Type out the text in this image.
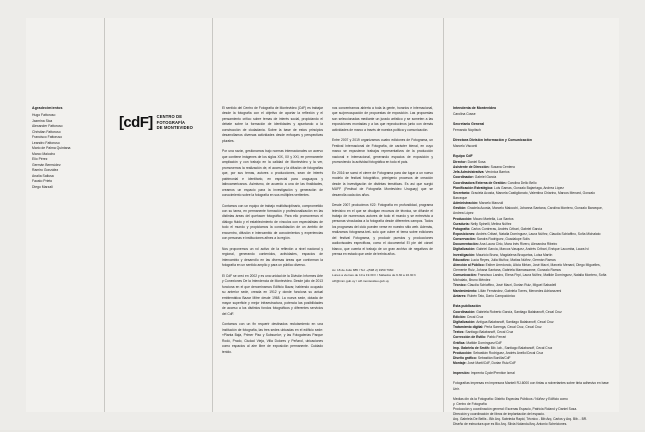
Agradecimientos
Hugo Fattoruso
Jazmina Sica
Alexander Fattoruso
Christian Fattoruso
Francisco Fattoruso
Leandro Fattoruso
Mario de Palma Quintana
Marco Maiocho
Elio Pérez
Germán Bermúdez
Ramiro González
Analía Sallusa
Fausto Prieto
Diego Marzali
[cdF] CENTRO DE
FOTOGRAFÍA
DE MONTEVIDEO

El sentido del Centro de Fotografía de Montevideo (CdF) es trabajar desde la fotografía con el objetivo de aportar la reflexión y el pensamiento crítico sobre temas de interés social, propiciando el debate sobre la formación de identidades y apuntando a la construcción de ciudadanía. Sobre la base de estos principios desarrollamos diversas actividades desde enfoques y perspectivas plurales.

Por una razón, gestionamos bajo normas internacionales un acervo que contiene imágenes de los siglos XIX, XX y XXI, en permanente ampliación y con trabajo en la calidad de Montevideo y la ver, promovemos la realización de, el acceso y la difusión de fotografías que, por sus temas, autores o producciones, sean de interés patrimonial e identitario, en especial para uruguayos y latinoamericanos. Asimismo, de acuerdo a una de las finalidades, creamos un espacio para la investigación y generación de conocimiento sobre la fotografía en sus múltiples vertientes.

Contamos con un equipo de trabajo multidisciplinario, comprometido con su tarea, en permanente formación y profesionalización en las distintas áreas del quehacer fotográfico. Para ello promovemos el diálogo fluido y el establecimiento de vínculos con especialistas de todo el mundo y propiciamos la consolidación de un ámbito de encuentro, difusión e intercambio de conocimientos y experiencias con personas e instituciones afines a la región.

Nos proponemos un rol activo de la reflexión a nivel nacional y regional, generando contenidos, actividades, espacios de intercambio y desarrollo en las diversas áreas que conforman la fotografía en un sentido amplio y para un público diverso.

El CdF se creó en 2002 y es una unidad de la División Informes Arte y Conexiones De la Intendencia de Montevideo. Desde julio de 2013 funciona en el que denominamos Edificio Bazar, habiendo ocupado su anterior sede, creada en 1912 y donde funciona su actual emblemática Bazar Mitre desde 1968. La nueva sede, dotada de mayor superficie y mejor infraestructura, potencia las posibilidades de acceso a los distintos fondos fotográficos y diferentes servicios del CdF.

Contamos con un fin requerir destinados reclutamiento en una institución de fotografía, las tres sedes ubicadas en el edificio sede: «Planta Baja, Primer Piso y Subsuelo», y las Fotogalerías Parque Rodó, Prado, Ciudad Vieja, Villa Dolores y Peñarol, ubicaciones como espacios al aire libre de exposición permanente. Cuidado tenido.

nos concentramos abierta a toda la gente, horarios e internacional, que su/preocupación de propuestas de exposición. Las propuestas son seleccionadas mediante un jurado artístico y se someten a las exposiciones montadas y a las que reproducimos junto con demás actividades de marco a través de nuestra política y comunicación.

Entre 2007 y 2019 organizamos cuatro ediciones de Fotograma, un Festival Internacional de Fotografía, de carácter bienal, en cuyo marco se expusieron trabajos representativos de la producción nacional e internacional, generando espacios de exposición y promoviendo la actividad fotográfica en todo el país.

En 2016 se sumó el cierre de Fotograma para dar lugar a un nuevo modelo de festival fotográfico, primigenio procesos de creación desde la investigación de distintas temáticas. Es así que surgió MUFF (Festival de Fotografía Montevideo Uruguay) que se desarrolla cada dos años.

Desde 2007 producimos f/22: Fotografía en profundidad, programa televisivo en el que se divulgan recursos de técnica, se difunde el trabajo de numerosos autores de todo el mundo y se entrevista a personas vinculadas a la fotografía desde diferentes campos. Todos los programas del ciclo pueden verse en nuestro sitio web. Además, realizamos fotograma.tveL solo que cubre el tema sobre ediciones del festival Fotograma, y producir puestos y producciones audiovisuales especificas, como el documental El pie del cárcel blanco, que cuenta el trabajo de un gran archivo de negativos de prensa en estado que cede de treinta años.

Av. 18 de Julio 885 / Tel: +(598 2) 1950 7960
Lunes a viernes de 10 a 19.30 h / Sábados de 9.30 a 16.30 h
cdf@imm.gub.uy / cdf.montevideo.gub.uy
Intendenta de Montevideo

Carolina Cosse

Secretario General

Fernando Nopitsch

Directora División Información y Comunicación

Marcelo Visconti

Equipo CdF

Director: Daniel Sosa

Asistente de Dirección: Susana Centeno

Jefa Administrativa: Verónica Barrios

Coordinador: Gabriel García

Coordinadora Externa de Gestión: Carolina Dello Bello

Planificación Estratégica: Luis Gamas, Gonzalo Bajarriaga, Andrea López

Secretaría: Graciela Acosta, Marcela Castiglionato, Valentina Chiarino, Marcos Menard, Gonzalo Barceque

Administración: Marcelo Manzuli

Gestión: Graciela Acosta, Marcelo Maiocchi, Johanna Santana, Carolina Montero, Gonzalo Barceque, Andrea López

Producción: Mauro Martella, Luz Santos

Curaduría: Nelly Spinelli, Melina Núñez

Fotografía: Carlos Contreras, Andrés Cribari, Gabriel García

Exposiciones: Andrés Cribari, Natalia Dominguez, Laura Núñez, Claudia Schiaffino, Sofía Michalato

Conservación: Sandra Rodríguez, Guadalupe Solís

Documentación: Ana Laura Cirio, Mara Inés Rivero, Alexandra Ribeiro

Digitalización: Gabriel García, Marcos Vasquez, Andrés Cribari, Enrique Lacomba, Laura Ivi

Investigación: Mauricio Bruno, Magdalena Broquetas, Luisa Martín

Educativo: Lucía Reyes, Julia Muñoz, Matías Núñez, Germán Ramos

Atención al Público: Esther Arredondo, Alicia Mirtan, José Macri, Marcelo Menard, Diego Miguelles, Clemente Ruiz, Johana Santana, Gabriela Mamassanne, Gonzalo Ramos

Comunicación: Francisco Landro, Elena Firpi, Laura Núñez, Matilde Domínguez, Natalia Montero, Sofía Michalato, Bruno Méndez

Técnico: Claudia Schiaffino, José Macri, Dorian Ruiz, Miguel Sabadell

Mantenimiento: Lilián Fernández, Gabriela Torres, Mercedes Adrianzzeni

Antares: Rubén Tato, Darío Campodónico

Esta publicación

Coordinación: Gabriela Roberto García, Santiago Balabanoff, Cecal Cruz

Edición: Cecal Cruz

Digitalización: Antigua Balabanoff, Santiago Balabanoff, Cecal Cruz

Tratamiento digital: Perla Sarenga, Cecal Cruz, Cecal Cruz

Textos: Santiago Balabanoff, Cecal Cruz

Corrección de Estilo: Pablo Ferrari

Gráfica: Matilde Domínguez/CdF

Imp. Gabriela de Smith: Bib. lab., Santiago Balabanoff, Cecal Cruz

Producción: Sebastián Rodríguez, Andrés Anello/Cecal Cruz

Diseño gráfico: Sebastián Bonilla/CdF

Montaje: José Martí/CdF, Dorian Ruiz/CdF

Impresión: Imprenta Cycle/Prentice Izmal

Fotografías impresas en impresora Manteli RJ-6000 con tintas a nolvertantes sobre tinta adhesivo en base Unir.

Medias din ds la Fotografía: Distrito Especias Públicos / Núñez y Edificio como

y. Centro de Fotografía

Producción y coordinación general: Escenas Espacio, Patricia Roland y Daniel Sosa.

Dirección y coordinación de libros de implantación del espacio.

Arq. Gabriela De Bellis - Bib Arq. Sabrieda Rapid, Técnico - Bib Arq. Carlos y Arq. Bib. - BR.

Diseño de estructura que es Bio Arq. Silvia Nolando/Arq. Antonio Scheiciones.
